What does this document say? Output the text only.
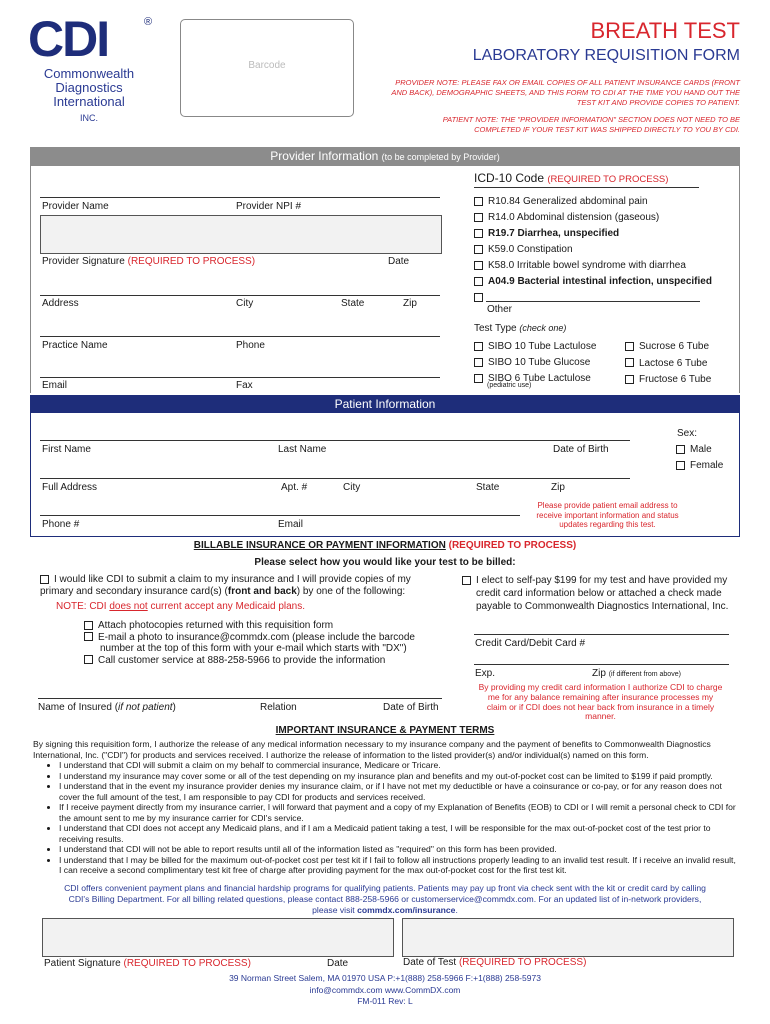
CDI	®
Commonwealth
Diagnostics
International
INC.
Barcode
BREATH TEST
LABORATORY REQUISITION FORM
PROVIDER NOTE: PLEASE FAX OR EMAIL COPIES OF ALL PATIENT INSURANCE CARDS (FRONT AND BACK), DEMOGRAPHIC SHEETS, AND THIS FORM TO CDI AT THE TIME YOU HAND OUT THE TEST KIT AND PROVIDE COPIES TO PATIENT.
PATIENT NOTE: THE "PROVIDER INFORMATION" SECTION DOES NOT NEED TO BE COMPLETED IF YOUR TEST KIT WAS SHIPPED DIRECTLY TO YOU BY CDI.
Provider Information (to be completed by Provider)
Provider Name	Provider NPI #
Provider Signature (REQUIRED TO PROCESS)	Date
Address	City	State	Zip
Practice Name	Phone
Email	Fax
ICD-10 Code (REQUIRED TO PROCESS)
R10.84 Generalized abdominal pain
R14.0 Abdominal distension (gaseous)
R19.7 Diarrhea, unspecified
K59.0 Constipation
K58.0 Irritable bowel syndrome with diarrhea
A04.9 Bacterial intestinal infection, unspecified
Other
Test Type (check one)
SIBO 10 Tube Lactulose
SIBO 10 Tube Glucose
SIBO 6 Tube Lactulose
(pediatric use)
Sucrose 6 Tube
Lactose 6 Tube
Fructose 6 Tube
Patient Information
First Name	Last Name	Date of Birth
Sex:
Male
Female
Full Address	Apt. #	City	State	Zip
Phone #	Email
Please provide patient email address to receive important information and status updates regarding this test.
BILLABLE INSURANCE OR PAYMENT INFORMATION (REQUIRED TO PROCESS)
Please select how you would like your test to be billed:
I would like CDI to submit a claim to my insurance and I will provide copies of my primary and secondary insurance card(s) (front and back) by one of the following:
NOTE: CDI does not current accept any Medicaid plans.
Attach photocopies returned with this requisition form
E-mail a photo to insurance@commdx.com (please include the barcode number at the top of this form with your e-mail which starts with "DX")
Call customer service at 888-258-5966 to provide the information
I elect to self-pay $199 for my test and have provided my credit card information below or attached a check made payable to Commonwealth Diagnostics International, Inc.
Credit Card/Debit Card #
Exp.	Zip (if different from above)
By providing my credit card information I authorize CDI to charge me for any balance remaining after insurance processes my claim or if CDI does not hear back from insurance in a timely manner.
Name of Insured (if not patient)	Relation	Date of Birth
IMPORTANT INSURANCE & PAYMENT TERMS
By signing this requisition form, I authorize the release of any medical information necessary to my insurance company and the payment of benefits to Commonwealth Diagnostics International, Inc. ("CDI") for products and services received. I authorize the release of information to the listed provider(s) and/or individual(s) named on this form.
• I understand that CDI will submit a claim on my behalf to commercial insurance, Medicare or Tricare.
• I understand my insurance may cover some or all of the test depending on my insurance plan and benefits and my out-of-pocket cost can be limited to $199 if paid promptly.
• I understand that in the event my insurance provider denies my insurance claim, or if I have not met my deductible or have a coinsurance or co-pay, or for any reason does not cover the full amount of the test, I am responsible to pay CDI for products and services received.
• If I receive payment directly from my insurance carrier, I will forward that payment and a copy of my Explanation of Benefits (EOB) to CDI or I will remit a personal check to CDI for the amount sent to me by my insurance carrier for CDI's service.
• I understand that CDI does not accept any Medicaid plans, and if I am a Medicaid patient taking a test, I will be responsible for the max out-of-pocket cost of the test prior to receiving results.
• I understand that CDI will not be able to report results until all of the information listed as "required" on this form has been provided.
• I understand that I may be billed for the maximum out-of-pocket cost per test kit if I fail to follow all instructions properly leading to an invalid test result. If i receive an invalid result, I can receive a second complimentary test kit free of charge after providing payment for the max out-of-pocket cost for the first test kit.
CDI offers convenient payment plans and financial hardship programs for qualifying patients. Patients may pay up front via check sent with the kit or credit card by calling CDI's Billing Department. For all billing related questions, please contact 888-258-5966 or customerservice@commdx.com. For an updated list of in-network providers, please visit commdx.com/insurance.
Patient Signature (REQUIRED TO PROCESS)	Date	Date of Test (REQUIRED TO PROCESS)
39 Norman Street Salem, MA 01970 USA P:+1(888) 258-5966 F:+1(888) 258-5973
info@commdx.com www.CommDX.com
FM-011 Rev: L
